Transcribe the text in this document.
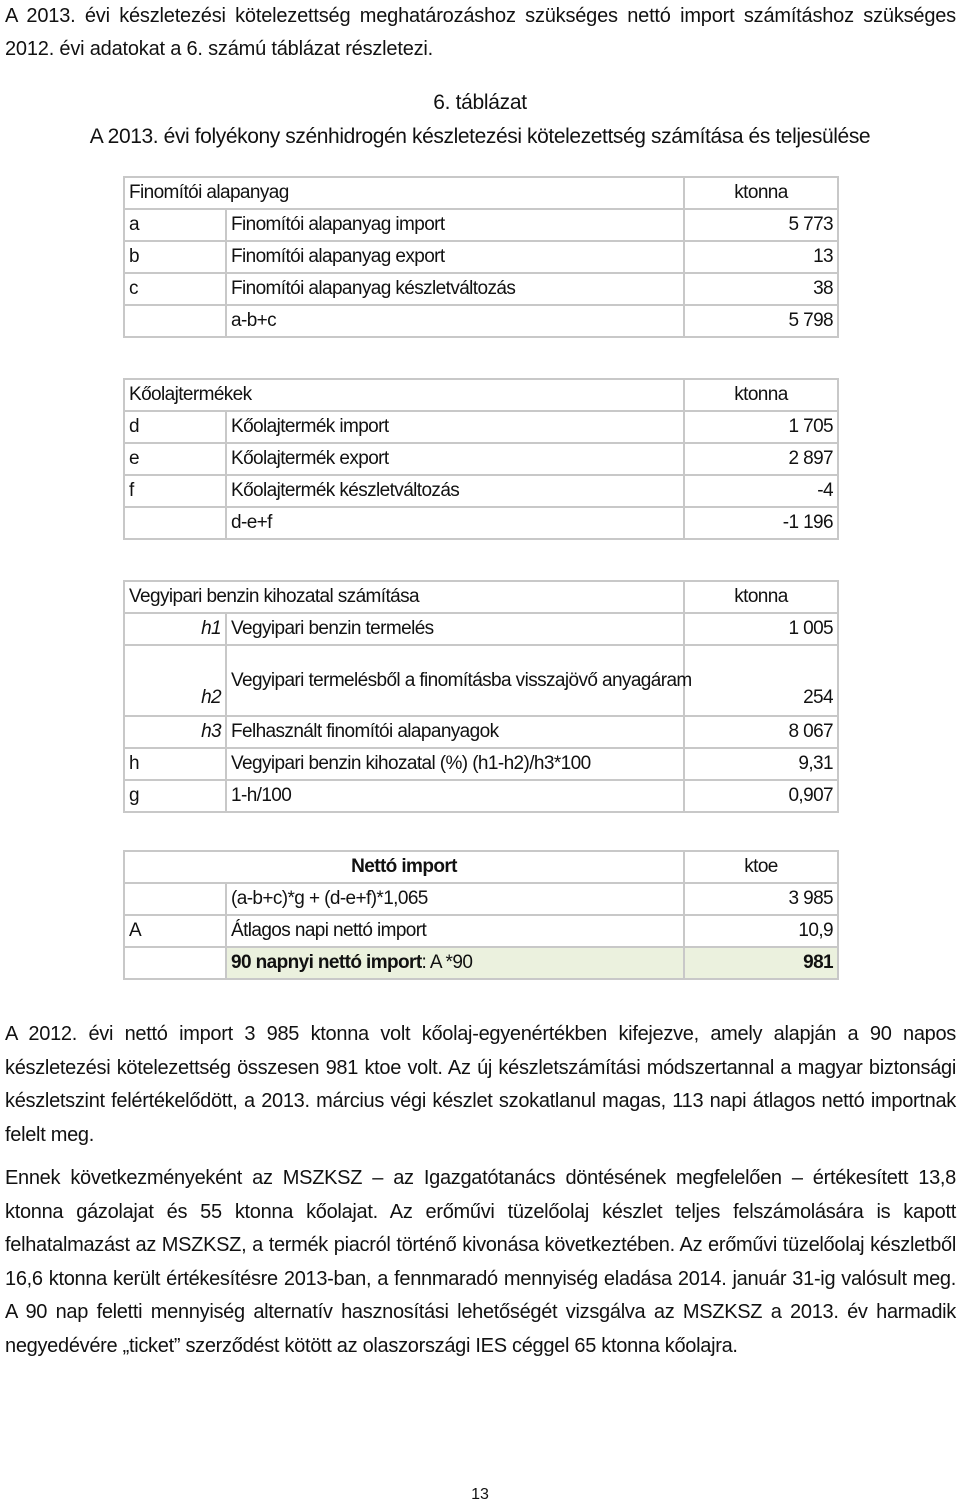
A 2013. évi készletezési kötelezettség meghatározáshoz szükséges nettó import számításhoz szükséges 2012. évi adatokat a 6. számú táblázat részletezi.
6. táblázat
A 2013. évi folyékony szénhidrogén készletezési kötelezettség számítása és teljesülése
Finomítói alapanyag		ktonna
a	Finomítói alapanyag import	5 773
b	Finomítói alapanyag export	13
c	Finomítói alapanyag készletváltozás	38
	a-b+c	5 798
Kőolajtermékek		ktonna
d	Kőolajtermék import	1 705
e	Kőolajtermék export	2 897
f	Kőolajtermék készletváltozás	-4
	d-e+f	-1 196
Vegyipari benzin kihozatal számítása		ktonna
h1	Vegyipari benzin termelés	1 005
h2	Vegyipari termelésből a finomításba visszajövő anyagáram	254
h3	Felhasznált finomítói alapanyagok	8 067
h	Vegyipari benzin kihozatal (%) (h1-h2)/h3*100	9,31
g	1-h/100	0,907
Nettó import		ktoe
	(a-b+c)*g + (d-e+f)*1,065	3 985
A	Átlagos napi nettó import	10,9
	90 napnyi nettó import: A *90	981
A 2012. évi nettó import 3 985 ktonna volt kőolaj-egyenértékben kifejezve, amely alapján a 90 napos készletezési kötelezettség összesen 981 ktoe volt. Az új készletszámítási módszertannal a magyar biztonsági készletszint felértékelődött, a 2013. március végi készlet szokatlanul magas, 113 napi átlagos nettó importnak felelt meg.
Ennek következményeként az MSZKSZ – az Igazgatótanács döntésének megfelelően – értékesített 13,8 ktonna gázolajat és 55 ktonna kőolajat. Az erőművi tüzelőolaj készlet teljes felszámolására is kapott felhatalmazást az MSZKSZ, a termék piacról történő kivonása következtében. Az erőművi tüzelőolaj készletből 16,6 ktonna került értékesítésre 2013-ban, a fennmaradó mennyiség eladása 2014. január 31-ig valósult meg. A 90 nap feletti mennyiség alternatív hasznosítási lehetőségét vizsgálva az MSZKSZ a 2013. év harmadik negyedévére „ticket” szerződést kötött az olaszországi IES céggel 65 ktonna kőolajra.
13
